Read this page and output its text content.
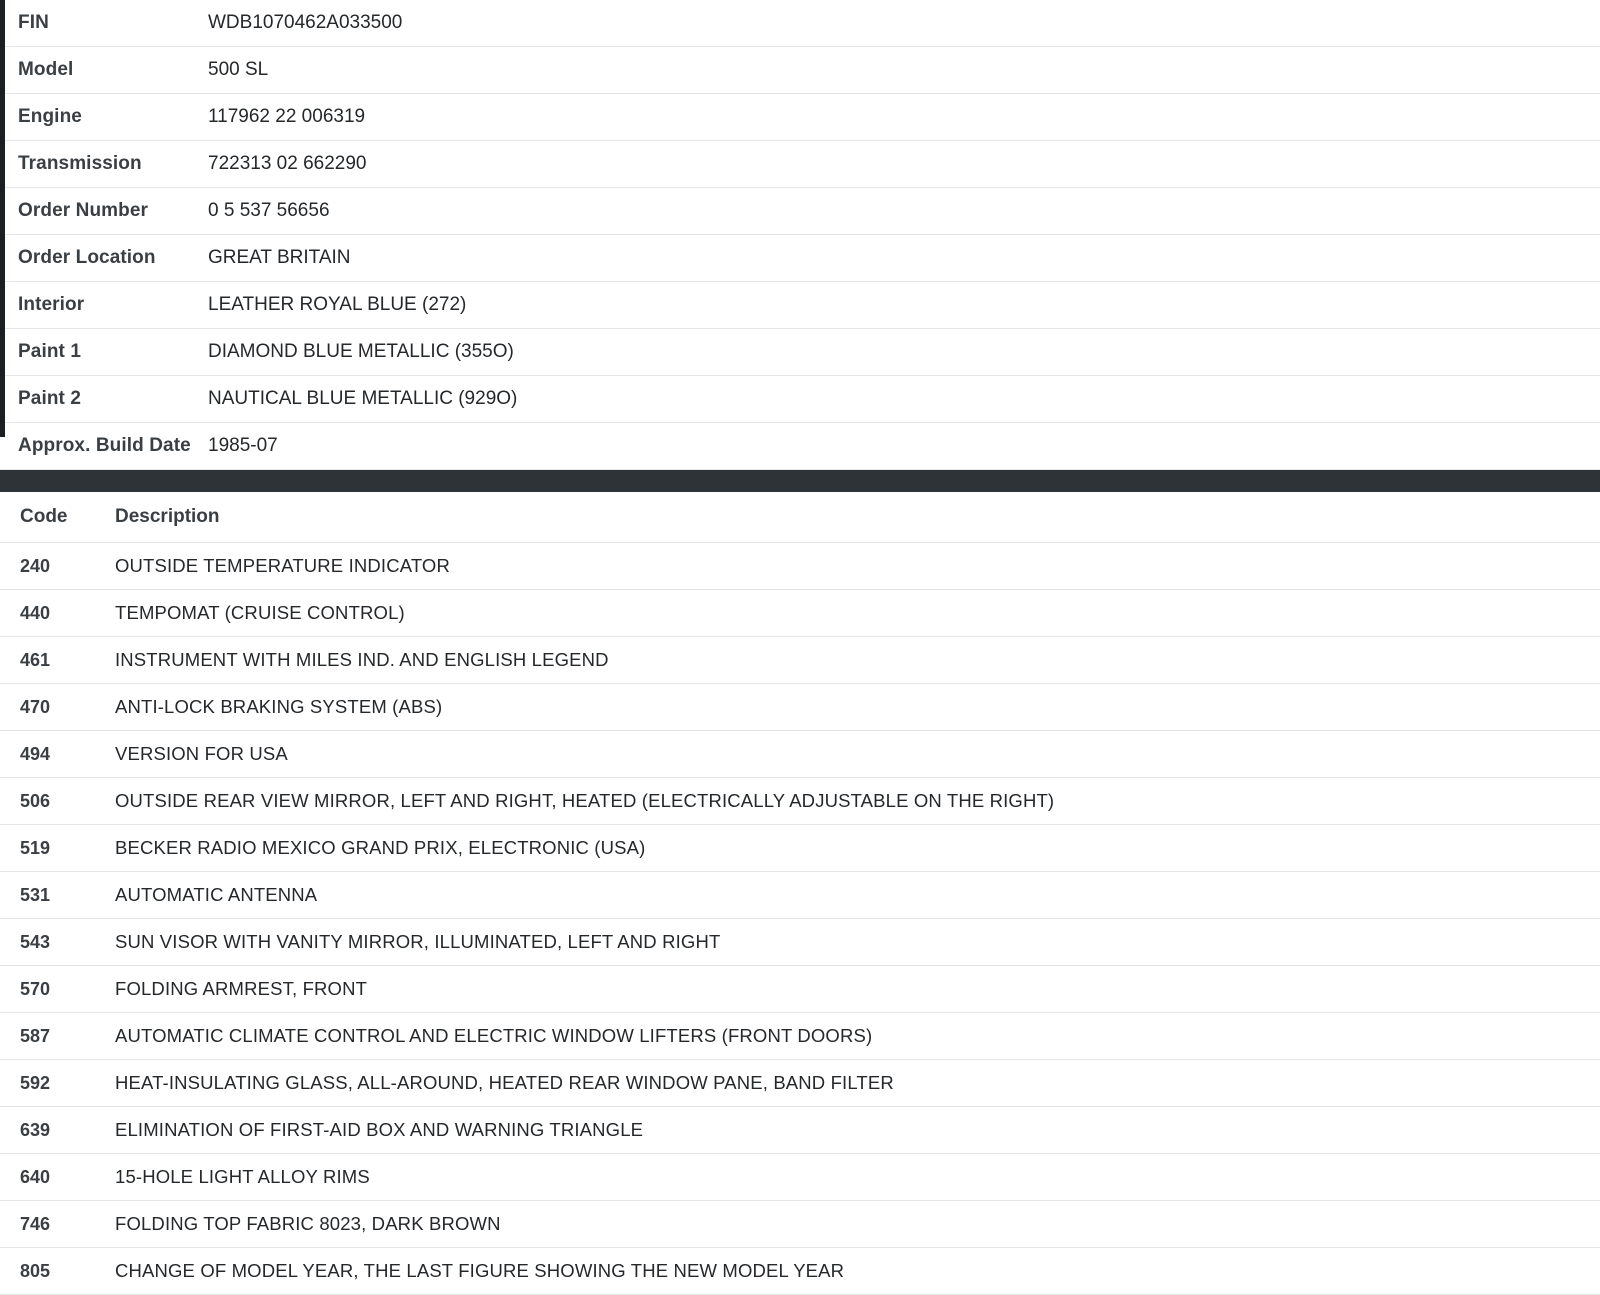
FIN	WDB1070462A033500
Model	500 SL
Engine	117962 22 006319
Transmission	722313 02 662290
Order Number	0 5 537 56656
Order Location	GREAT BRITAIN
Interior	LEATHER ROYAL BLUE (272)
Paint 1	DIAMOND BLUE METALLIC (355O)
Paint 2	NAUTICAL BLUE METALLIC (929O)
Approx. Build Date	1985-07
Code	Description
240	OUTSIDE TEMPERATURE INDICATOR
440	TEMPOMAT (CRUISE CONTROL)
461	INSTRUMENT WITH MILES IND. AND ENGLISH LEGEND
470	ANTI-LOCK BRAKING SYSTEM (ABS)
494	VERSION FOR USA
506	OUTSIDE REAR VIEW MIRROR, LEFT AND RIGHT, HEATED (ELECTRICALLY ADJUSTABLE ON THE RIGHT)
519	BECKER RADIO MEXICO GRAND PRIX, ELECTRONIC (USA)
531	AUTOMATIC ANTENNA
543	SUN VISOR WITH VANITY MIRROR, ILLUMINATED, LEFT AND RIGHT
570	FOLDING ARMREST, FRONT
587	AUTOMATIC CLIMATE CONTROL AND ELECTRIC WINDOW LIFTERS (FRONT DOORS)
592	HEAT-INSULATING GLASS, ALL-AROUND, HEATED REAR WINDOW PANE, BAND FILTER
639	ELIMINATION OF FIRST-AID BOX AND WARNING TRIANGLE
640	15-HOLE LIGHT ALLOY RIMS
746	FOLDING TOP FABRIC 8023, DARK BROWN
805	CHANGE OF MODEL YEAR, THE LAST FIGURE SHOWING THE NEW MODEL YEAR
